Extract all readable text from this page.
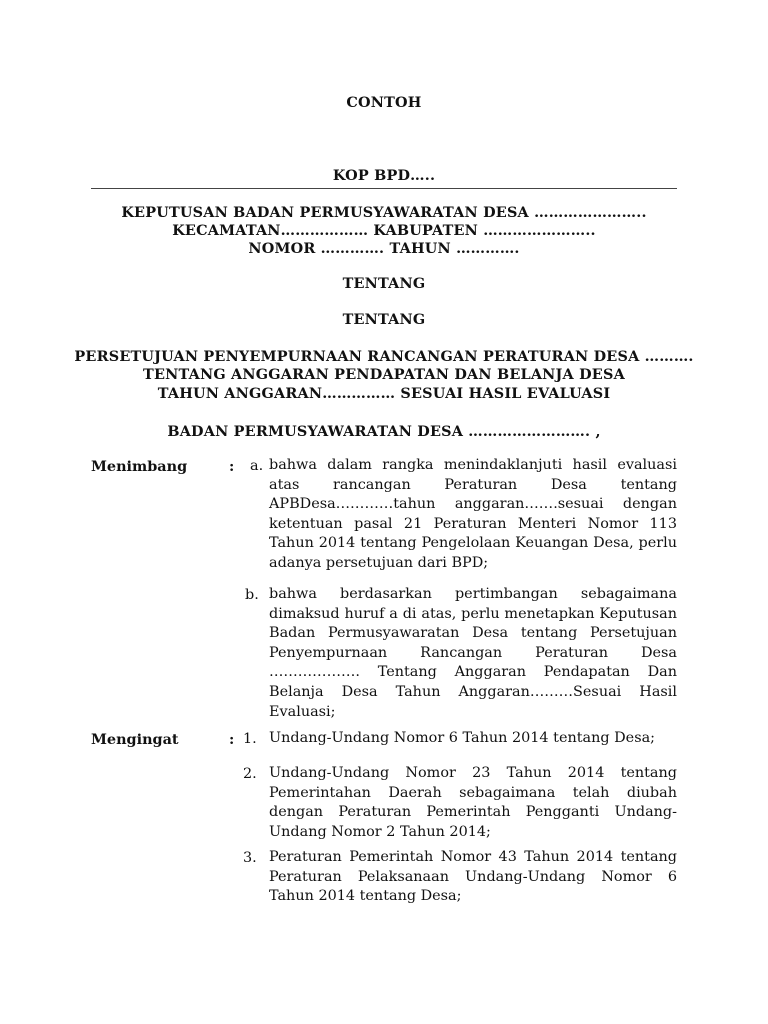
CONTOH
KOP BPD…..
KEPUTUSAN BADAN PERMUSYAWARATAN DESA …………………..
KECAMATAN……………… KABUPATEN …………………..
NOMOR …………. TAHUN ………….
TENTANG
TENTANG
PERSETUJUAN PENYEMPURNAAN RANCANGAN PERATURAN DESA ……….
TENTANG ANGGARAN PENDAPATAN DAN BELANJA DESA
TAHUN ANGGARAN…………… SESUAI HASIL EVALUASI
BADAN PERMUSYAWARATAN DESA ……………………. ,
Menimbang	: a. bahwa dalam rangka menindaklanjuti hasil evaluasi atas rancangan Peraturan Desa tentang APBDesa…………tahun anggaran…….sesuai dengan ketentuan pasal 21 Peraturan Menteri Nomor 113 Tahun 2014 tentang Pengelolaan Keuangan Desa, perlu adanya persetujuan dari BPD;
b. bahwa berdasarkan pertimbangan sebagaimana dimaksud huruf a di atas, perlu menetapkan Keputusan Badan Permusyawaratan Desa tentang Persetujuan Penyempurnaan Rancangan Peraturan Desa ………………. Tentang Anggaran Pendapatan Dan Belanja Desa Tahun Anggaran………Sesuai Hasil Evaluasi;
Mengingat	: 1. Undang-Undang Nomor 6 Tahun 2014 tentang Desa;
2. Undang-Undang Nomor 23 Tahun 2014 tentang Pemerintahan Daerah sebagaimana telah diubah dengan Peraturan Pemerintah Pengganti Undang-Undang Nomor 2 Tahun 2014;
3. Peraturan Pemerintah Nomor 43 Tahun 2014 tentang Peraturan Pelaksanaan Undang-Undang Nomor 6 Tahun 2014 tentang Desa;
